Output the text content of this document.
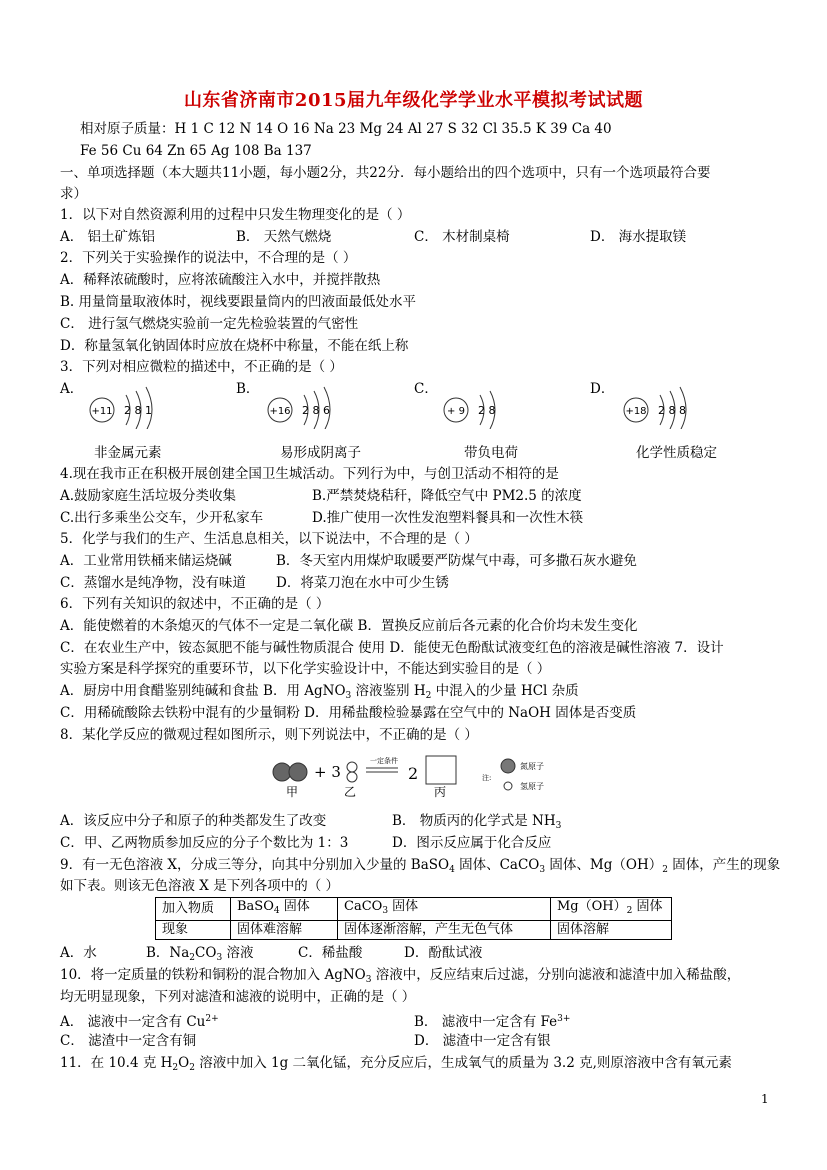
山东省济南市2015届九年级化学学业水平模拟考试试题
相对原子质量：H 1 C 12 N 14 O 16 Na 23 Mg 24 Al 27 S 32 Cl 35.5 K 39 Ca 40
Fe 56 Cu 64 Zn 65 Ag 108 Ba 137
一、单项选择题（本大题共11小题，每小题2分，共22分．每小题给出的四个选项中，只有一个选项最符合要
求）
1．以下对自然资源利用的过程中只发生物理变化的是（ ）
A． 铝土矿炼铝	B． 天然气燃烧	C． 木材制桌椅	D． 海水提取镁
2．下列关于实验操作的说法中，不合理的是（ ）
A．稀释浓硫酸时，应将浓硫酸注入水中，并搅拌散热
B. 用量筒量取液体时，视线要跟量筒内的凹液面最低处水平
C． 进行氢气燃烧实验前一定先检验装置的气密性
D．称量氢氧化钠固体时应放在烧杯中称量，不能在纸上称
3．下列对相应微粒的描述中，不正确的是（ ）
A．	B．	C．	D．
+11 2 8 1	+16 2 8 6	+ 9 2 8	+18 2 8 8
非金属元素	易形成阴离子	带负电荷	化学性质稳定
4.现在我市正在积极开展创建全国卫生城活动。下列行为中，与创卫活动不相符的是
A.鼓励家庭生活垃圾分类收集	B.严禁焚烧秸秆，降低空气中 PM2.5 的浓度
C.出行多乘坐公交车，少开私家车	D.推广使用一次性发泡塑料餐具和一次性木筷
5．化学与我们的生产、生活息息相关，以下说法中，不合理的是（ ）
A．工业常用铁桶来储运烧碱	B．冬天室内用煤炉取暖要严防煤气中毒，可多撒石灰水避免
C．蒸馏水是纯净物，没有味道 D．将菜刀泡在水中可少生锈
6．下列有关知识的叙述中，不正确的是（ ）
A．能使燃着的木条熄灭的气体不一定是二氧化碳 B．置换反应前后各元素的化合价均未发生变化
C．在农业生产中，铵态氮肥不能与碱性物质混合 使用 D．能使无色酚酞试液变红色的溶液是碱性溶液 7．设计
实验方案是科学探究的重要环节，以下化学实验设计中，不能达到实验目的是（ ）
A．厨房中用食醋鉴别纯碱和食盐 B．用 AgNO$_3$ 溶液鉴别 $H_2$ 中混入的少量 HCl 杂质
C．用稀硫酸除去铁粉中混有的少量铜粉 D．用稀盐酸检验暴露在空气中的 NaOH 固体是否变质
8．某化学反应的微观过程如图所示，则下列说法中，不正确的是（ ）
+ 3
一定条件
2
甲	乙	丙
注:
氮原子
氢原子
A．该反应中分子和原子的种类都发生了改变	B． 物质丙的化学式是 $NH_3$
C．甲、乙两物质参加反应的分子个数比为 1：3	D．图示反应属于化合反应
9．有一无色溶液 X，分成三等分，向其中分别加入少量的 BaSO$_4$ 固体、CaCO$_3$ 固体、$Mg(OH)_2$ 固体，产生的现象
如下表。则该无色溶液 X 是下列各项中的（ ）
加入物质	BaSO$_4$ 固体	CaCO$_3$ 固体	$Mg(OH)_2$ 固体
现象	固体难溶解	固体逐渐溶解，产生无色气体	固体溶解
A．水	B．$Na_2CO_3$ 溶液	C．稀盐酸	D．酚酞试液
10．将一定质量的铁粉和铜粉的混合物加入 AgNO$_3$ 溶液中，反应结束后过滤，分别向滤液和滤渣中加入稀盐酸，
均无明显现象，下列对滤渣和滤液的说明中，正确的是（ ）
A． 滤液中一定含有 $Cu^{2+}$	B． 滤液中一定含有 $Fe^{3+}$
C． 滤渣中一定含有铜	D． 滤渣中一定含有银
11．在 10.4 克 $H_2O_2$ 溶液中加入 1g 二氧化锰，充分反应后，生成氧气的质量为 3.2 克,则原溶液中含有氧元素
1
